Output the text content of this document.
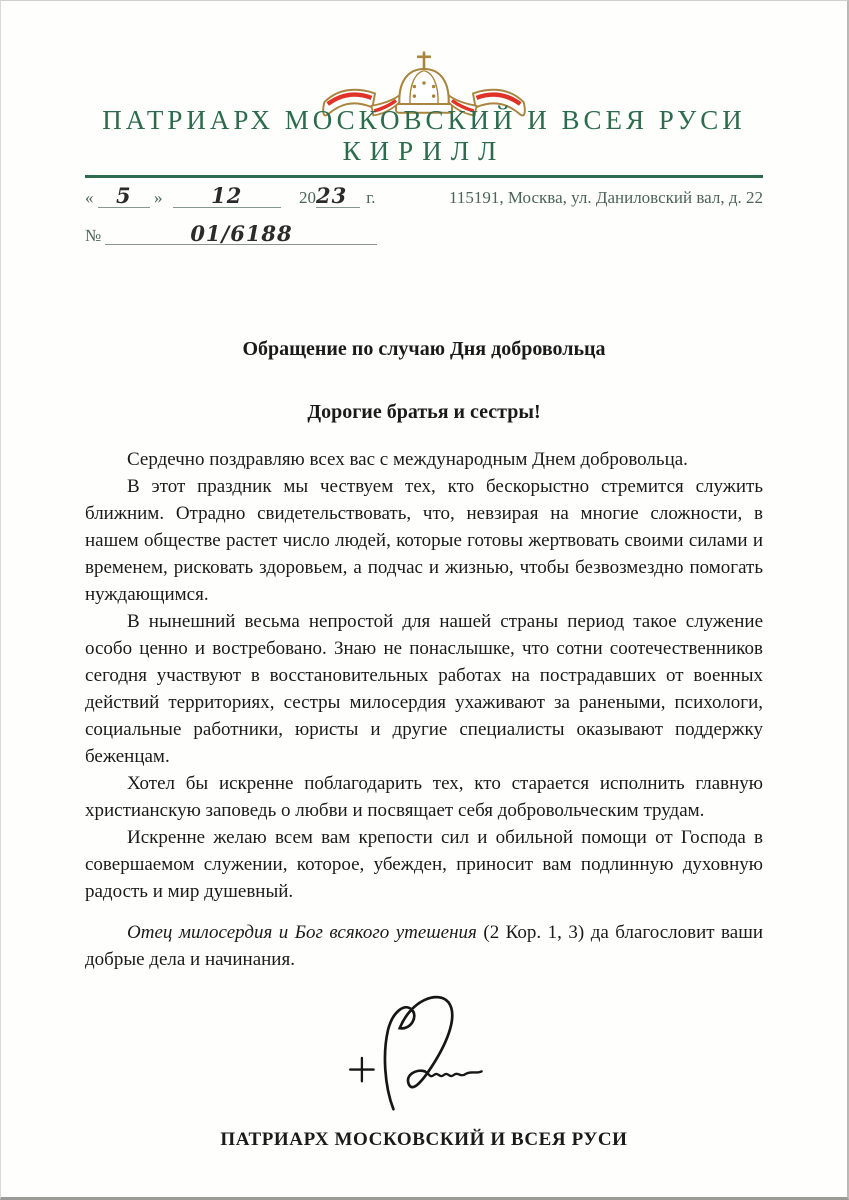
ПАТРИАРХ МОСКОВСКИЙ И ВСЕЯ РУСИ
КИРИЛЛ
« 5 » 12	2023 г.	115191, Москва, ул. Даниловский вал, д. 22
№	01/6188
Обращение по случаю Дня добровольца
Дорогие братья и сестры!

Сердечно поздравляю всех вас с международным Днем добровольца.

В этот праздник мы чествуем тех, кто бескорыстно стремится служить ближним. Отрадно свидетельствовать, что, невзирая на многие сложности, в нашем обществе растет число людей, которые готовы жертвовать своими силами и временем, рисковать здоровьем, а подчас и жизнью, чтобы безвозмездно помогать нуждающимся.

В нынешний весьма непростой для нашей страны период такое служение особо ценно и востребовано. Знаю не понаслышке, что сотни соотечественников сегодня участвуют в восстановительных работах на пострадавших от военных действий территориях, сестры милосердия ухаживают за ранеными, психологи, социальные работники, юристы и другие специалисты оказывают поддержку беженцам.

Хотел бы искренне поблагодарить тех, кто старается исполнить главную христианскую заповедь о любви и посвящает себя добровольческим трудам.

Искренне желаю всем вам крепости сил и обильной помощи от Господа в совершаемом служении, которое, убежден, приносит вам подлинную духовную радость и мир душевный.

Отец милосердия и Бог всякого утешения (2 Кор. 1, 3) да благословит ваши добрые дела и начинания.

ПАТРИАРХ МОСКОВСКИЙ И ВСЕЯ РУСИ
